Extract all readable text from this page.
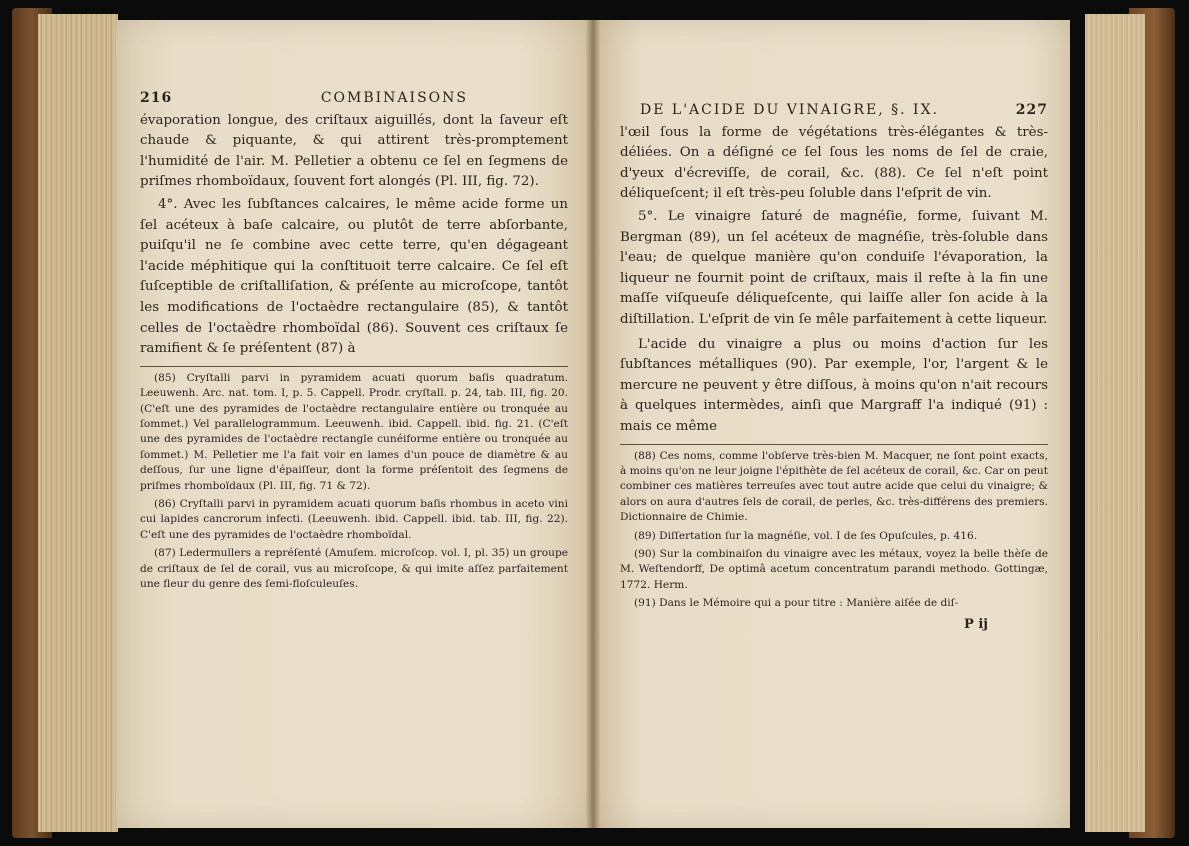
216	COMBINAISONS

évaporation longue, des criſtaux aiguillés, dont la ſaveur eſt chaude & piquante, & qui attirent très-promptement l'humidité de l'air. M. Pelletier a obtenu ce ſel en ſegmens de priſmes rhomboïdaux, ſouvent fort alongés (Pl. III, fig. 72).

4°. Avec les ſubſtances calcaires, le même acide forme un ſel acéteux à baſe calcaire, ou plutôt de terre abſorbante, puiſqu'il ne ſe combine avec cette terre, qu'en dégageant l'acide méphitique qui la conſtituoit terre calcaire. Ce ſel eſt ſuſceptible de criſtalliſation, & préſente au microſcope, tantôt les modifications de l'octaèdre rectangulaire (85), & tantôt celles de l'octaèdre rhomboïdal (86). Souvent ces criſtaux ſe ramifient & ſe préſentent (87) à

(85) Cryſtalli parvi in pyramidem acuati quorum baſis quadratum. Leeuwenh. Arc. nat. tom. I, p. 5. Cappell. Prodr. cryſtall. p. 24, tab. III, fig. 20. (C'eſt une des pyramides de l'octaèdre rectangulaire entière ou tronquée au ſommet.) Vel parallelogrammum. Leeuwenh. ibid. Cappell. ibid. fig. 21. (C'eſt une des pyramides de l'octaèdre rectangle cunéiforme entière ou tronquée au ſommet.) M. Pelletier me l'a fait voir en lames d'un pouce de diamètre & au deſſous, ſur une ligne d'épaiſſeur, dont la forme préſentoit des ſegmens de priſmes rhomboïdaux (Pl. III, fig. 71 & 72).

(86) Cryſtalli parvi in pyramidem acuati quorum baſis rhombus in aceto vini cui lapides cancrorum infecti. (Leeuwenh. ibid. Cappell. ibid. tab. III, fig. 22). C'eſt une des pyramides de l'octaèdre rhomboïdal.

(87) Ledermullers a repréſenté (Amuſem. microſcop. vol. I, pl. 35) un groupe de criſtaux de ſel de corail, vus au microſcope, & qui imite aſſez parfaitement une fleur du genre des ſemi-floſculeuſes.

DE L'ACIDE DU VINAIGRE, §. IX.	227

l'œil ſous la forme de végétations très-élégantes & très-déliées. On a déſigné ce ſel ſous les noms de ſel de craie, d'yeux d'écreviſſe, de corail, &c. (88). Ce ſel n'eſt point déliqueſcent; il eſt très-peu ſoluble dans l'eſprit de vin.

5°. Le vinaigre ſaturé de magnéſie, forme, ſuivant M. Bergman (89), un ſel acéteux de magnéſie, très-ſoluble dans l'eau; de quelque manière qu'on conduiſe l'évaporation, la liqueur ne fournit point de criſtaux, mais il reſte à la fin une maſſe viſqueuſe déliqueſcente, qui laiſſe aller ſon acide à la diſtillation. L'eſprit de vin ſe mêle parfaitement à cette liqueur.

L'acide du vinaigre a plus ou moins d'action ſur les ſubſtances métalliques (90). Par exemple, l'or, l'argent & le mercure ne peuvent y être diſſous, à moins qu'on n'ait recours à quelques intermèdes, ainſi que Margraff l'a indiqué (91) : mais ce même

(88) Ces noms, comme l'obſerve très-bien M. Macquer, ne ſont point exacts, à moins qu'on ne leur joigne l'épithète de ſel acéteux de corail, &c. Car on peut combiner ces matières terreuſes avec tout autre acide que celui du vinaigre; & alors on aura d'autres ſels de corail, de perles, &c. très-différens des premiers. Dictionnaire de Chimie.

(89) Diſſertation ſur la magnéſie, vol. I de ſes Opuſcules, p. 416.

(90) Sur la combinaiſon du vinaigre avec les métaux, voyez la belle thèſe de M. Weſtendorff, De optimâ acetum concentratum parandi methodo. Gottingæ, 1772. Herm.

(91) Dans le Mémoire qui a pour titre : Manière aiſée de diſ-

P ij
